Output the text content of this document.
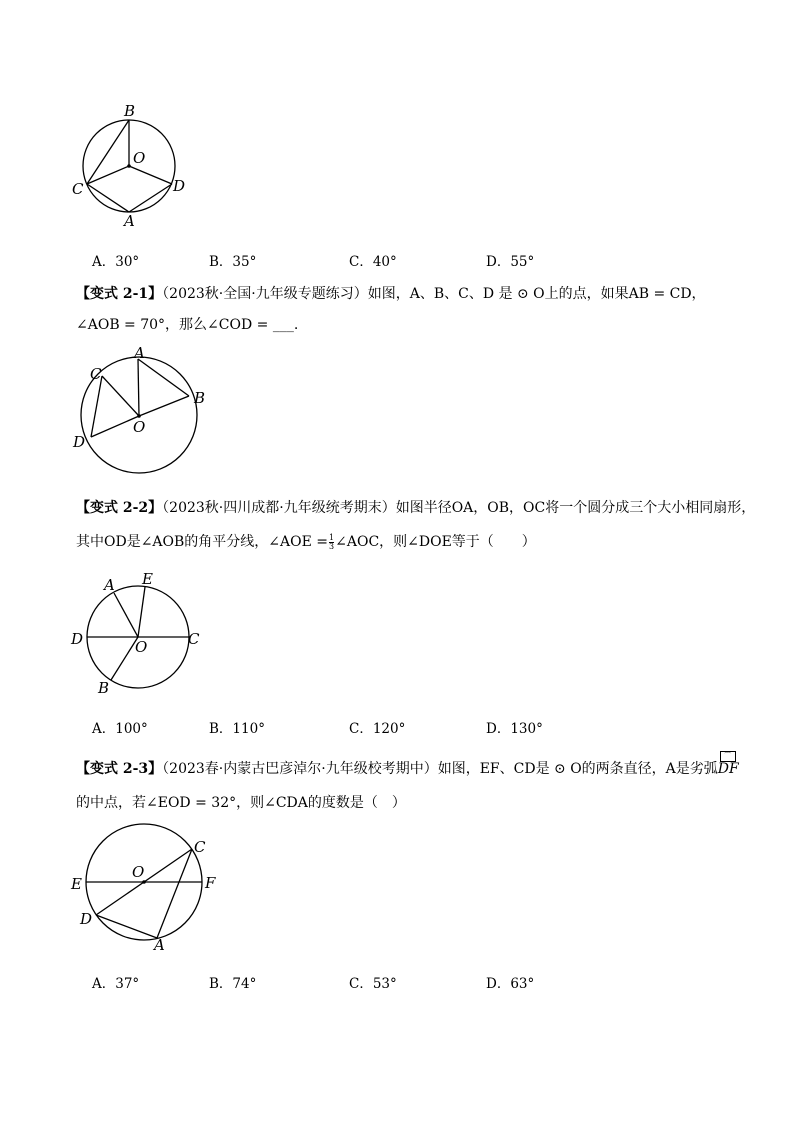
B
O
C	D
A
A．30°	B．35°	C．40°	D．55°
【变式 2-1】（2023秋·全国·九年级专题练习）如图，A、B、C、D 是 ⊙ O上的点，如果AB = CD，
∠AOB = 70°，那么∠COD = ___.
A
C
B
O
D
【变式 2-2】（2023秋·四川成都·九年级统考期末）如图半径OA，OB，OC将一个圆分成三个大小相同扇形，
其中OD是∠AOB的角平分线，∠AOE = $\frac{1}{3}$ ∠AOC，则∠DOE等于（　　）
A E
D	O	C
B
A．100°	B．110°	C．120°	D．130°
【变式 2-3】（2023春·内蒙古巴彦淖尔·九年级校考期中）如图，EF、CD是 ⊙ O的两条直径，A是劣弧
⌒
DF
的中点，若∠EOD = 32°，则∠CDA的度数是（　）
O
C
E	F
D
A
A．37°	B．74°	C．53°	D．63°
